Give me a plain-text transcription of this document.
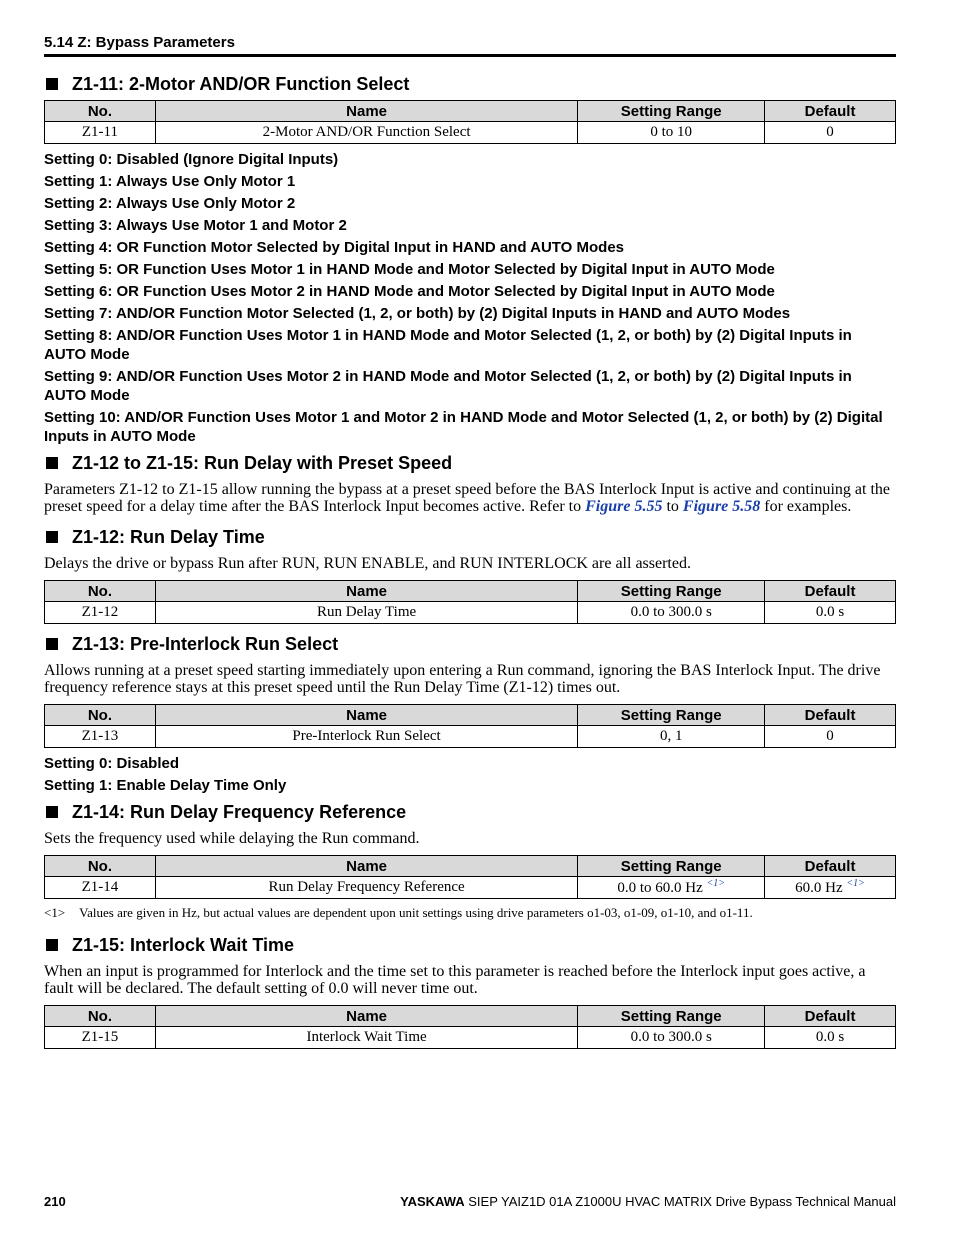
5.14 Z: Bypass Parameters
Z1-11: 2-Motor AND/OR Function Select
No.	Name	Setting Range	Default
Z1-11	2-Motor AND/OR Function Select	0 to 10	0
Setting 0: Disabled (Ignore Digital Inputs)
Setting 1: Always Use Only Motor 1
Setting 2: Always Use Only Motor 2
Setting 3: Always Use Motor 1 and Motor 2
Setting 4: OR Function Motor Selected by Digital Input in HAND and AUTO Modes
Setting 5: OR Function Uses Motor 1 in HAND Mode and Motor Selected by Digital Input in AUTO Mode
Setting 6: OR Function Uses Motor 2 in HAND Mode and Motor Selected by Digital Input in AUTO Mode
Setting 7: AND/OR Function Motor Selected (1, 2, or both) by (2) Digital Inputs in HAND and AUTO Modes
Setting 8: AND/OR Function Uses Motor 1 in HAND Mode and Motor Selected (1, 2, or both) by (2) Digital Inputs in AUTO Mode
Setting 9: AND/OR Function Uses Motor 2 in HAND Mode and Motor Selected (1, 2, or both) by (2) Digital Inputs in AUTO Mode
Setting 10: AND/OR Function Uses Motor 1 and Motor 2 in HAND Mode and Motor Selected (1, 2, or both) by (2) Digital Inputs in AUTO Mode
Z1-12 to Z1-15: Run Delay with Preset Speed

Parameters Z1-12 to Z1-15 allow running the bypass at a preset speed before the BAS Interlock Input is active and continuing at the preset speed for a delay time after the BAS Interlock Input becomes active. Refer to Figure 5.55 to Figure 5.58 for examples.

Z1-12: Run Delay Time

Delays the drive or bypass Run after RUN, RUN ENABLE, and RUN INTERLOCK are all asserted.

No.	Name	Setting Range	Default
Z1-12	Run Delay Time	0.0 to 300.0 s	0.0 s
Z1-13: Pre-Interlock Run Select

Allows running at a preset speed starting immediately upon entering a Run command, ignoring the BAS Interlock Input. The drive frequency reference stays at this preset speed until the Run Delay Time (Z1-12) times out.

No.	Name	Setting Range	Default
Z1-13	Pre-Interlock Run Select	0, 1	0
Setting 0: Disabled
Setting 1: Enable Delay Time Only
Z1-14: Run Delay Frequency Reference

Sets the frequency used while delaying the Run command.

No.	Name	Setting Range	Default
Z1-14	Run Delay Frequency Reference	0.0 to 60.0 Hz $^{<1>}$	60.0 Hz $^{<1>}$
<1> Values are given in Hz, but actual values are dependent upon unit settings using drive parameters o1-03, o1-09, o1-10, and o1-11.
Z1-15: Interlock Wait Time

When an input is programmed for Interlock and the time set to this parameter is reached before the Interlock input goes active, a fault will be declared. The default setting of 0.0 will never time out.

No.	Name	Setting Range	Default
Z1-15	Interlock Wait Time	0.0 to 300.0 s	0.0 s
210	YASKAWA SIEP YAIZ1D 01A Z1000U HVAC MATRIX Drive Bypass Technical Manual
